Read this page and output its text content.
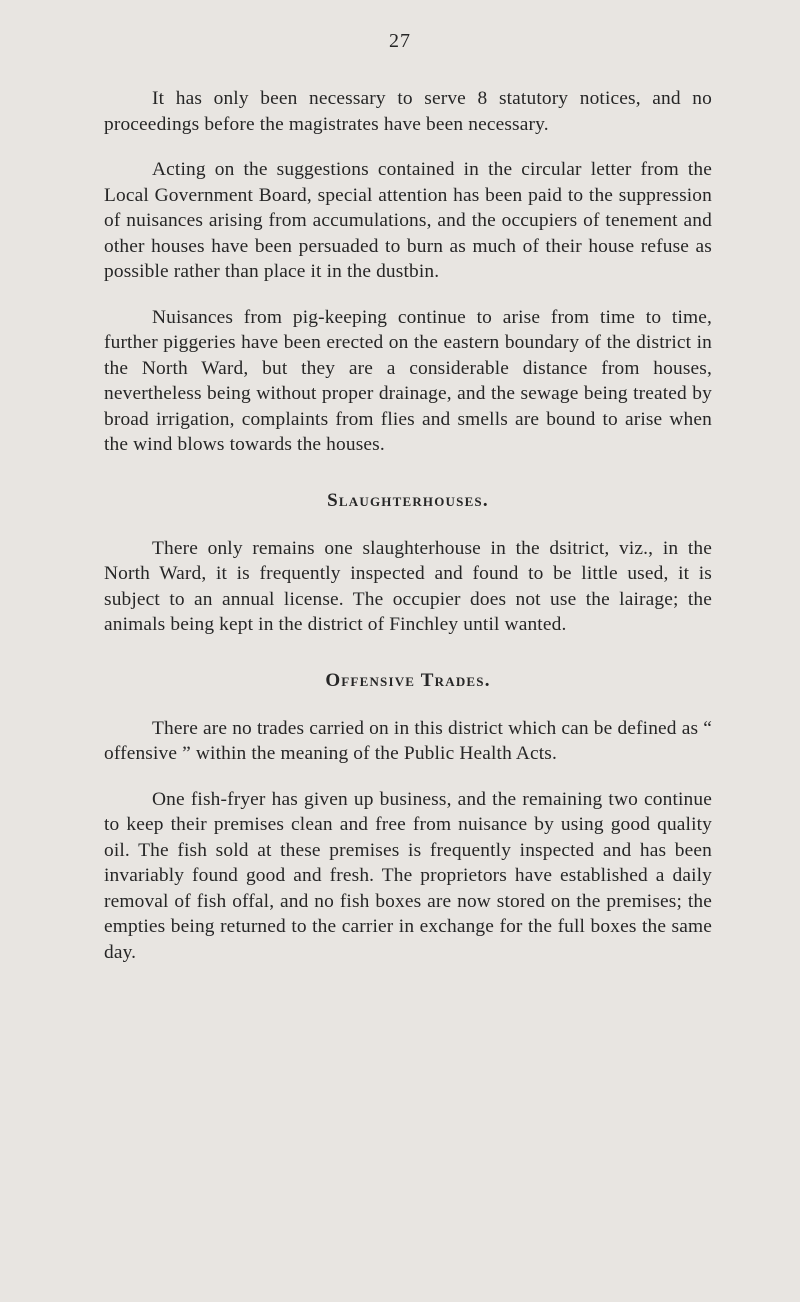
27

It has only been necessary to serve 8 statutory notices, and no proceedings before the magistrates have been necessary.

Acting on the suggestions contained in the circular letter from the Local Government Board, special attention has been paid to the suppression of nuisances arising from accumulations, and the occupiers of tenement and other houses have been persuaded to burn as much of their house refuse as possible rather than place it in the dustbin.

Nuisances from pig-keeping continue to arise from time to time, further piggeries have been erected on the eastern boundary of the district in the North Ward, but they are a considerable distance from houses, nevertheless being without proper drainage, and the sewage being treated by broad irrigation, complaints from flies and smells are bound to arise when the wind blows towards the houses.

Slaughterhouses.

There only remains one slaughterhouse in the dsitrict, viz., in the North Ward, it is frequently inspected and found to be little used, it is subject to an annual license. The occupier does not use the lairage; the animals being kept in the district of Finchley until wanted.

Offensive Trades.

There are no trades carried on in this district which can be defined as “ offensive ” within the meaning of the Public Health Acts.

One fish-fryer has given up business, and the remaining two continue to keep their premises clean and free from nuisance by using good quality oil. The fish sold at these premises is frequently inspected and has been invariably found good and fresh. The proprietors have established a daily removal of fish offal, and no fish boxes are now stored on the premises; the empties being returned to the carrier in exchange for the full boxes the same day.
